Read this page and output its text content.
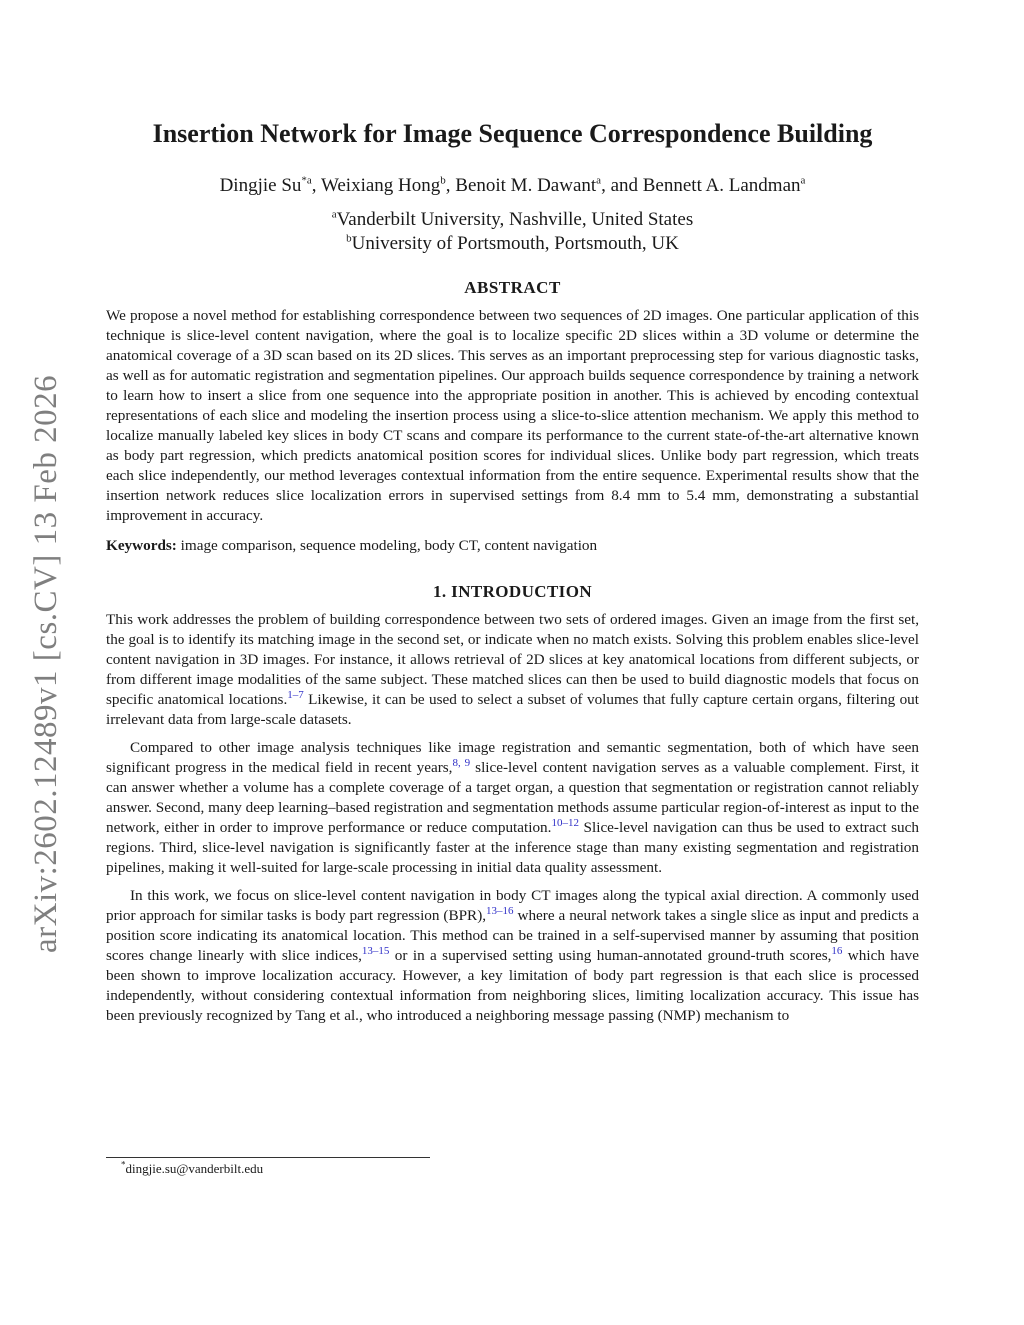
arXiv:2602.12489v1 [cs.CV] 13 Feb 2026
Insertion Network for Image Sequence Correspondence Building
Dingjie Su$^{*a}$, Weixiang Hong$^b$, Benoit M. Dawant$^a$, and Bennett A. Landman$^a$
$^a$Vanderbilt University, Nashville, United States
$^b$University of Portsmouth, Portsmouth, UK
ABSTRACT

We propose a novel method for establishing correspondence between two sequences of 2D images. One particular application of this technique is slice-level content navigation, where the goal is to localize specific 2D slices within a 3D volume or determine the anatomical coverage of a 3D scan based on its 2D slices. This serves as an important preprocessing step for various diagnostic tasks, as well as for automatic registration and segmentation pipelines. Our approach builds sequence correspondence by training a network to learn how to insert a slice from one sequence into the appropriate position in another. This is achieved by encoding contextual representations of each slice and modeling the insertion process using a slice-to-slice attention mechanism. We apply this method to localize manually labeled key slices in body CT scans and compare its performance to the current state-of-the-art alternative known as body part regression, which predicts anatomical position scores for individual slices. Unlike body part regression, which treats each slice independently, our method leverages contextual information from the entire sequence. Experimental results show that the insertion network reduces slice localization errors in supervised settings from 8.4 mm to 5.4 mm, demonstrating a substantial improvement in accuracy.

Keywords: image comparison, sequence modeling, body CT, content navigation

1. INTRODUCTION

This work addresses the problem of building correspondence between two sets of ordered images. Given an image from the first set, the goal is to identify its matching image in the second set, or indicate when no match exists. Solving this problem enables slice-level content navigation in 3D images. For instance, it allows retrieval of 2D slices at key anatomical locations from different subjects, or from different image modalities of the same subject. These matched slices can then be used to build diagnostic models that focus on specific anatomical locations.$^{1-7}$ Likewise, it can be used to select a subset of volumes that fully capture certain organs, filtering out irrelevant data from large-scale datasets.

Compared to other image analysis techniques like image registration and semantic segmentation, both of which have seen significant progress in the medical field in recent years,$^{8, 9}$ slice-level content navigation serves as a valuable complement. First, it can answer whether a volume has a complete coverage of a target organ, a question that segmentation or registration cannot reliably answer. Second, many deep learning–based registration and segmentation methods assume particular region-of-interest as input to the network, either in order to improve performance or reduce computation.$^{10-12}$ Slice-level navigation can thus be used to extract such regions. Third, slice-level navigation is significantly faster at the inference stage than many existing segmentation and registration pipelines, making it well-suited for large-scale processing in initial data quality assessment.

In this work, we focus on slice-level content navigation in body CT images along the typical axial direction. A commonly used prior approach for similar tasks is body part regression (BPR),$^{13-16}$ where a neural network takes a single slice as input and predicts a position score indicating its anatomical location. This method can be trained in a self-supervised manner by assuming that position scores change linearly with slice indices,$^{13-15}$ or in a supervised setting using human-annotated ground-truth scores,$^{16}$ which have been shown to improve localization accuracy. However, a key limitation of body part regression is that each slice is processed independently, without considering contextual information from neighboring slices, limiting localization accuracy. This issue has been previously recognized by Tang et al., who introduced a neighboring message passing (NMP) mechanism to

*dingjie.su@vanderbilt.edu
